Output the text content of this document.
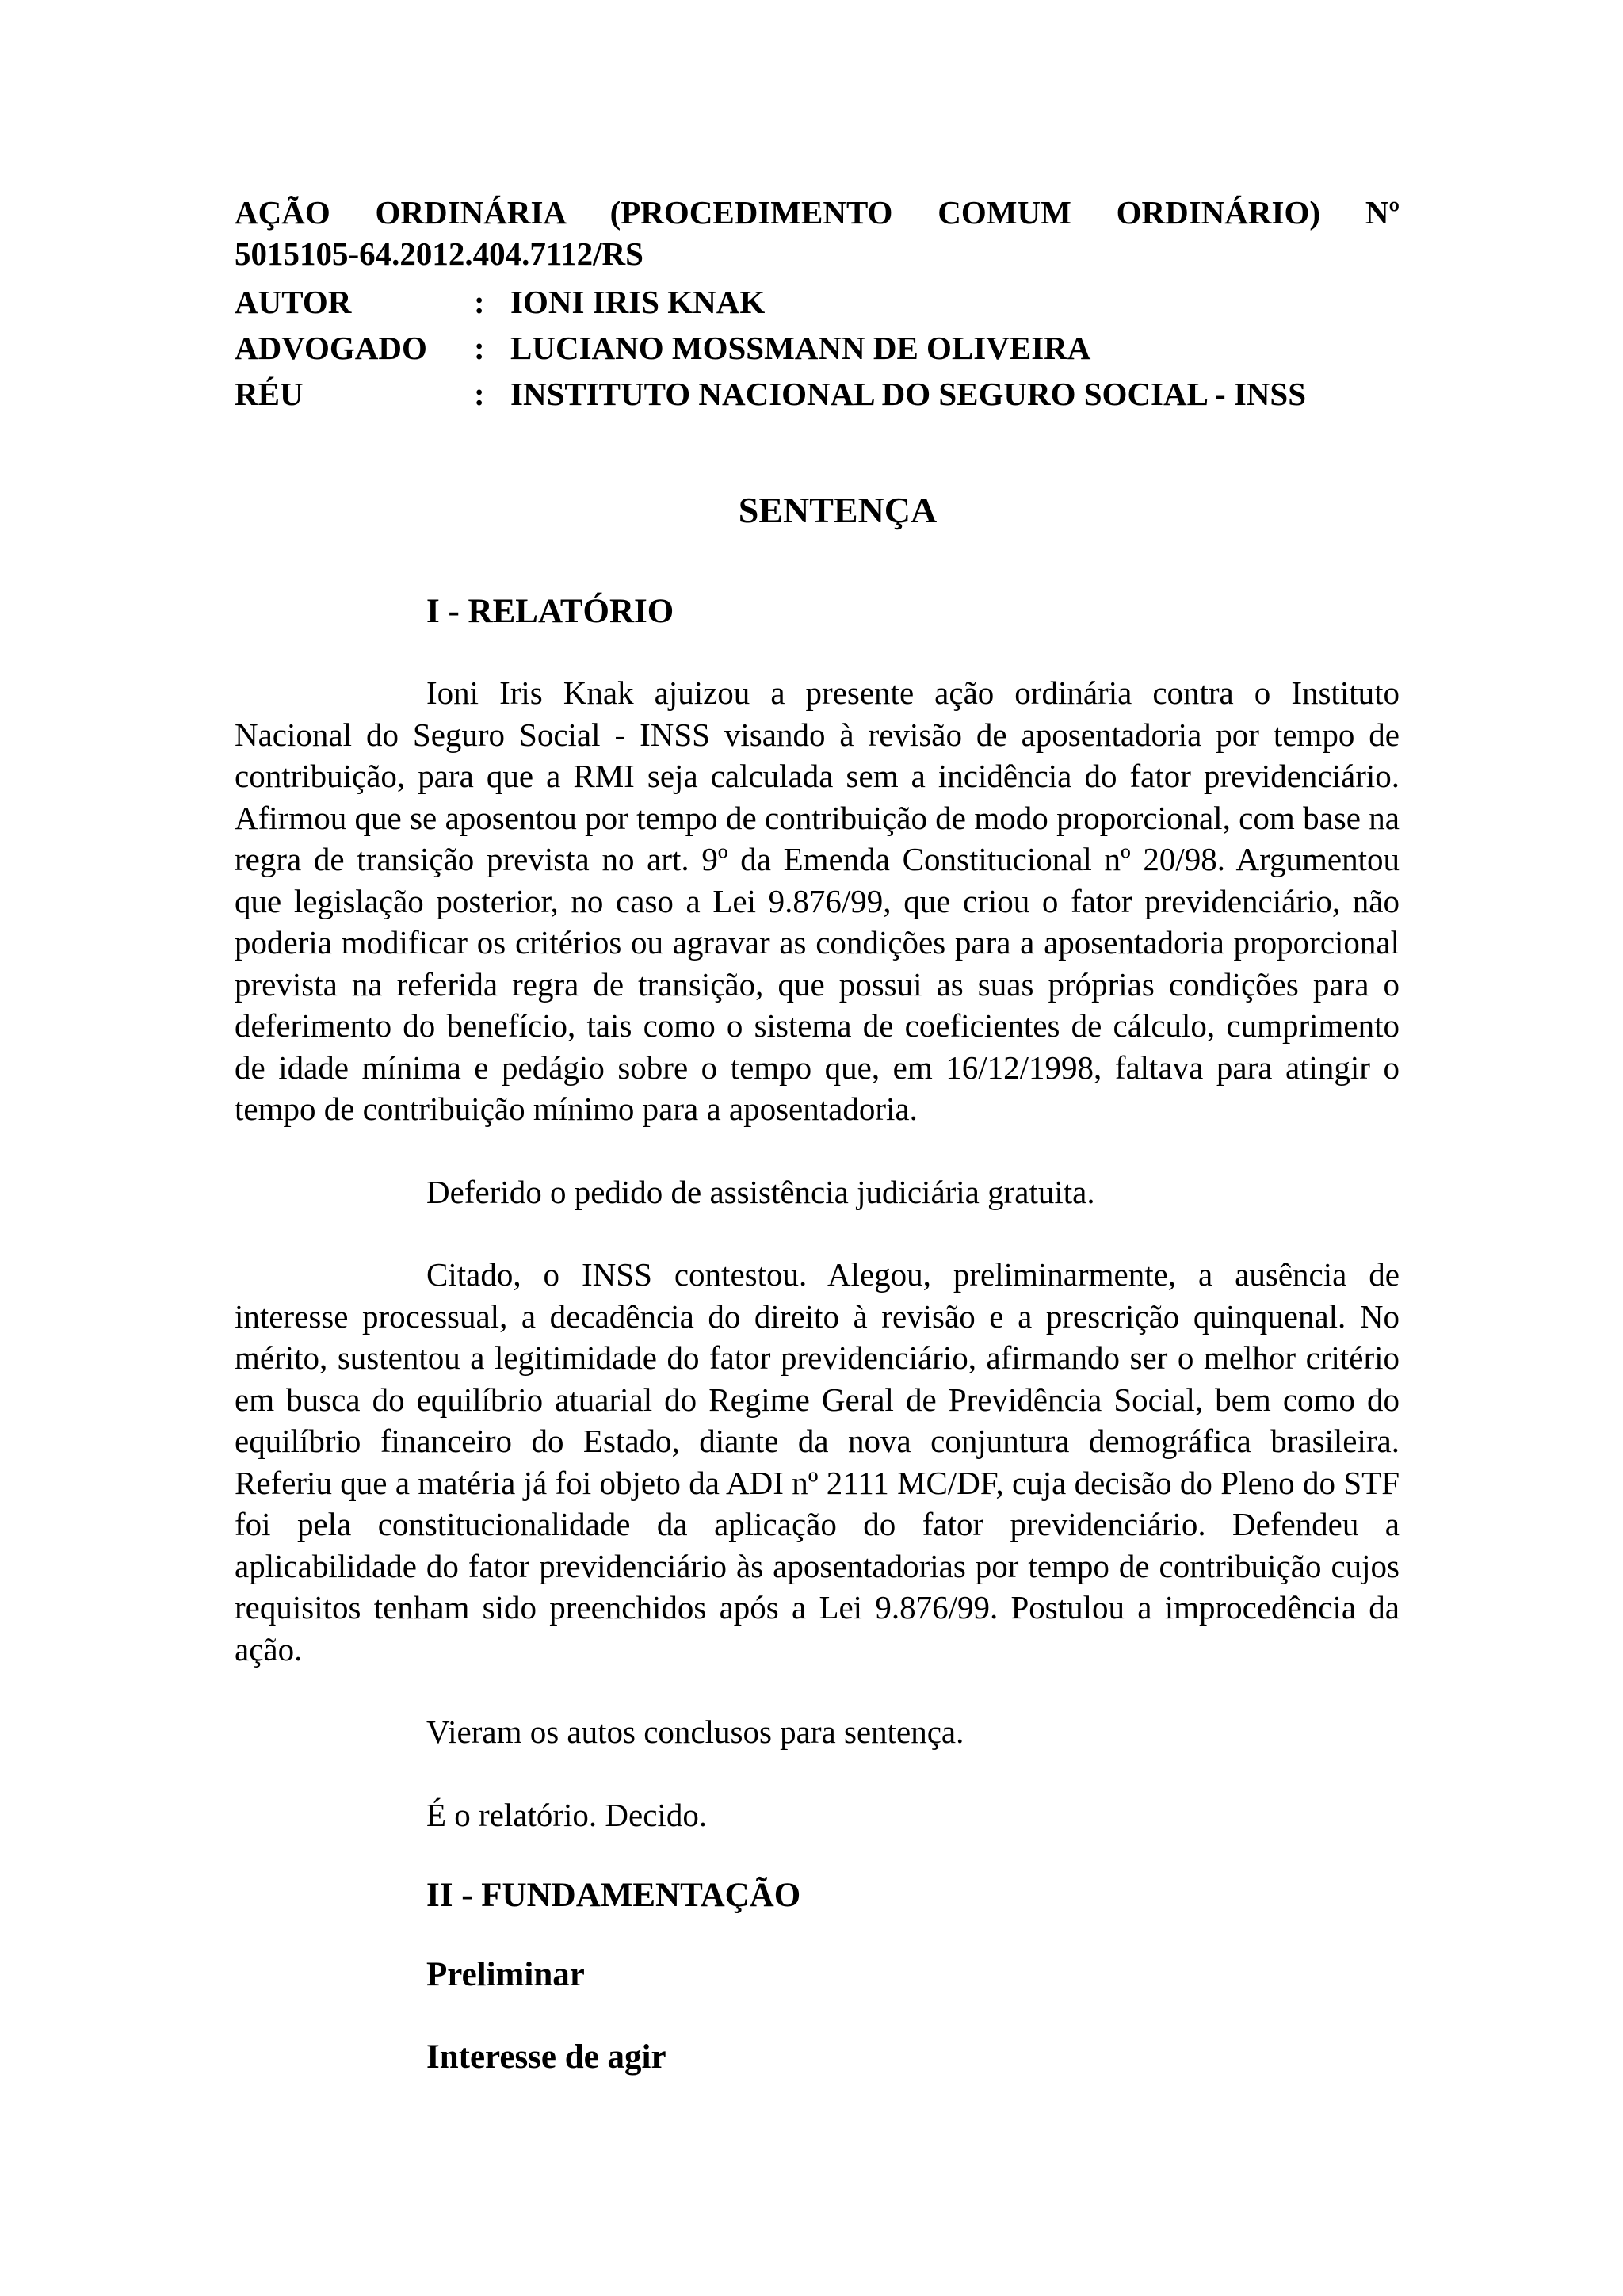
AÇÃO ORDINÁRIA (PROCEDIMENTO COMUM ORDINÁRIO) Nº
5015105-64.2012.404.7112/RS
AUTOR	: IONI IRIS KNAK
ADVOGADO	: LUCIANO MOSSMANN DE OLIVEIRA
RÉU	: INSTITUTO NACIONAL DO SEGURO SOCIAL - INSS
SENTENÇA
I - RELATÓRIO

Ioni Iris Knak ajuizou a presente ação ordinária contra o Instituto Nacional do Seguro Social - INSS visando à revisão de aposentadoria por tempo de contribuição, para que a RMI seja calculada sem a incidência do fator previdenciário. Afirmou que se aposentou por tempo de contribuição de modo proporcional, com base na regra de transição prevista no art. 9º da Emenda Constitucional nº 20/98. Argumentou que legislação posterior, no caso a Lei 9.876/99, que criou o fator previdenciário, não poderia modificar os critérios ou agravar as condições para a aposentadoria proporcional prevista na referida regra de transição, que possui as suas próprias condições para o deferimento do benefício, tais como o sistema de coeficientes de cálculo, cumprimento de idade mínima e pedágio sobre o tempo que, em 16/12/1998, faltava para atingir o tempo de contribuição mínimo para a aposentadoria.

Deferido o pedido de assistência judiciária gratuita.

Citado, o INSS contestou. Alegou, preliminarmente, a ausência de interesse processual, a decadência do direito à revisão e a prescrição quinquenal. No mérito, sustentou a legitimidade do fator previdenciário, afirmando ser o melhor critério em busca do equilíbrio atuarial do Regime Geral de Previdência Social, bem como do equilíbrio financeiro do Estado, diante da nova conjuntura demográfica brasileira. Referiu que a matéria já foi objeto da ADI nº 2111 MC/DF, cuja decisão do Pleno do STF foi pela constitucionalidade da aplicação do fator previdenciário. Defendeu a aplicabilidade do fator previdenciário às aposentadorias por tempo de contribuição cujos requisitos tenham sido preenchidos após a Lei 9.876/99. Postulou a improcedência da ação.

Vieram os autos conclusos para sentença.

É o relatório. Decido.

II - FUNDAMENTAÇÃO
Preliminar
Interesse de agir
